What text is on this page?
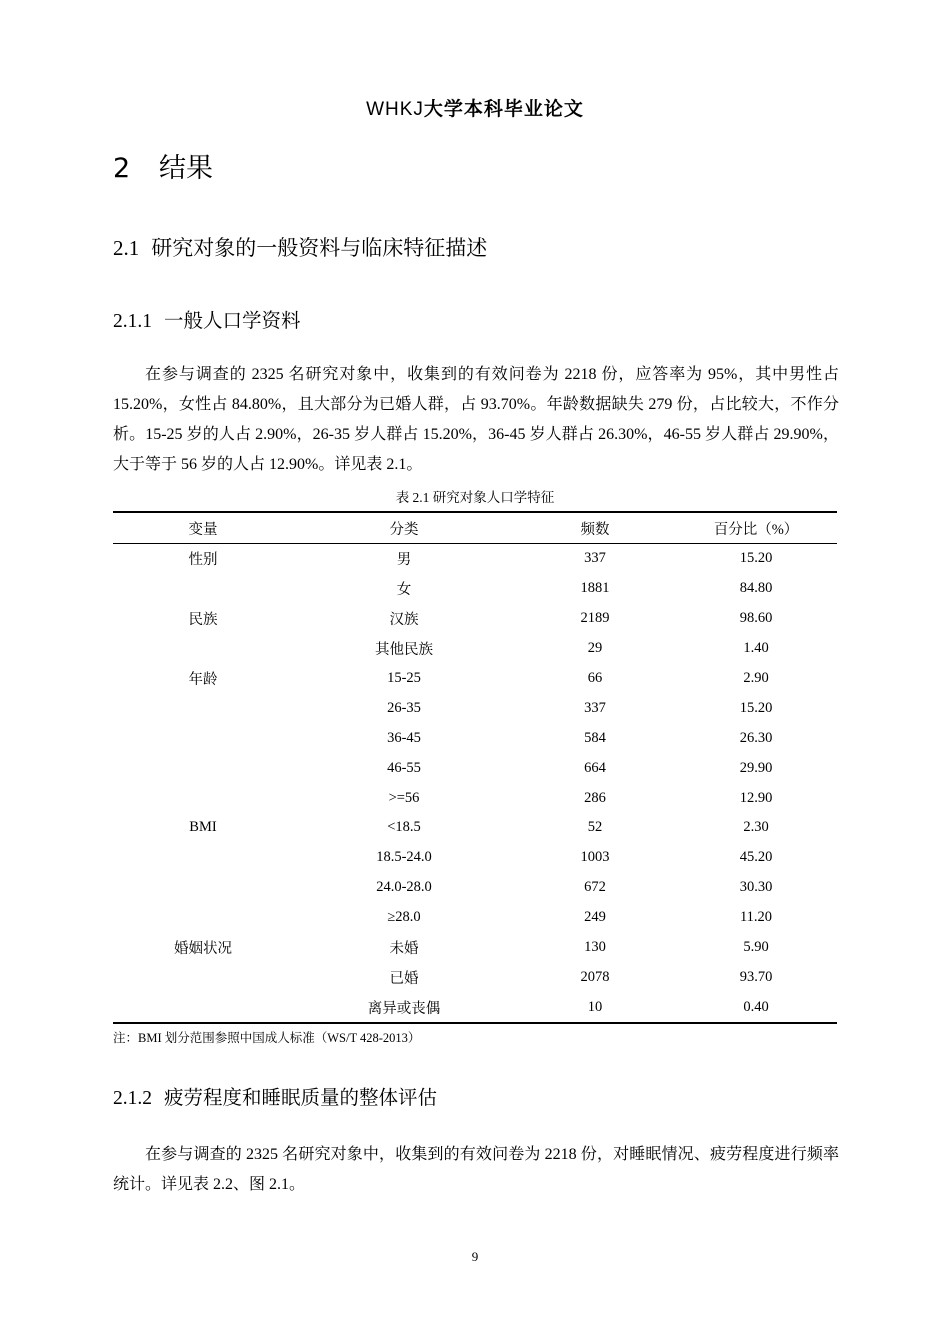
WHKJ大学本科毕业论文
2 结果
2.1 研究对象的一般资料与临床特征描述
2.1.1 一般人口学资料
在参与调查的 2325 名研究对象中，收集到的有效问卷为 2218 份，应答率为 95%，其中男性占 15.20%，女性占 84.80%，且大部分为已婚人群，占 93.70%。年龄数据缺失 279 份，占比较大，不作分析。15-25 岁的人占 2.90%，26-35 岁人群占 15.20%，36-45 岁人群占 26.30%，46-55 岁人群占 29.90%，大于等于 56 岁的人占 12.90%。详见表 2.1。
表 2.1 研究对象人口学特征
变量	分类	频数	百分比（%）
性别	男	337	15.20
	女	1881	84.80
民族	汉族	2189	98.60
	其他民族	29	1.40
年龄	15-25	66	2.90
	26-35	337	15.20
	36-45	584	26.30
	46-55	664	29.90
	>=56	286	12.90
BMI	<18.5	52	2.30
	18.5-24.0	1003	45.20
	24.0-28.0	672	30.30
	≥28.0	249	11.20
婚姻状况	未婚	130	5.90
	已婚	2078	93.70
	离异或丧偶	10	0.40
注：BMI 划分范围参照中国成人标准（WS/T 428-2013）
2.1.2 疲劳程度和睡眠质量的整体评估
在参与调查的 2325 名研究对象中，收集到的有效问卷为 2218 份，对睡眠情况、疲劳程度进行频率统计。详见表 2.2、图 2.1。
9
